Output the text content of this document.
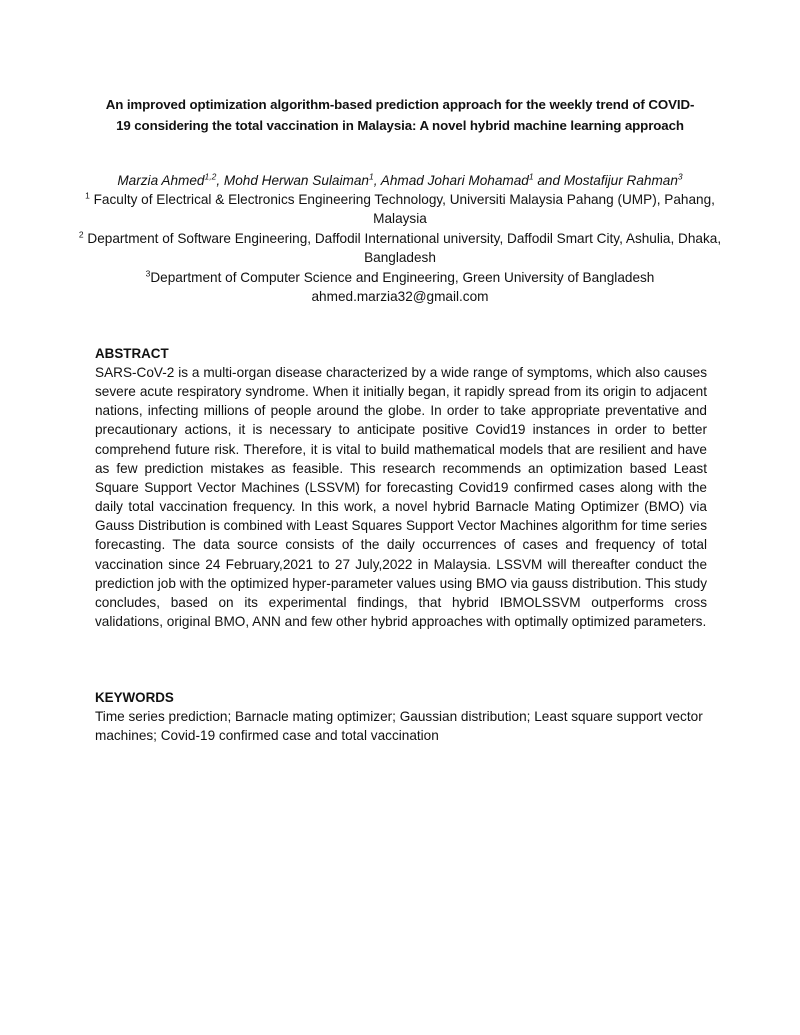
An improved optimization algorithm-based prediction approach for the weekly trend of COVID-19 considering the total vaccination in Malaysia: A novel hybrid machine learning approach
Marzia Ahmed$^{1,2}$, Mohd Herwan Sulaiman$^1$, Ahmad Johari Mohamad$^1$ and Mostafijur Rahman$^3$
$^1$ Faculty of Electrical & Electronics Engineering Technology, Universiti Malaysia Pahang (UMP), Pahang, Malaysia
$^2$ Department of Software Engineering, Daffodil International university, Daffodil Smart City, Ashulia, Dhaka, Bangladesh
$^3$Department of Computer Science and Engineering, Green University of Bangladesh
ahmed.marzia32@gmail.com
ABSTRACT
SARS-CoV-2 is a multi-organ disease characterized by a wide range of symptoms, which also causes severe acute respiratory syndrome. When it initially began, it rapidly spread from its origin to adjacent nations, infecting millions of people around the globe. In order to take appropriate preventative and precautionary actions, it is necessary to anticipate positive Covid19 instances in order to better comprehend future risk. Therefore, it is vital to build mathematical models that are resilient and have as few prediction mistakes as feasible. This research recommends an optimization based Least Square Support Vector Machines (LSSVM) for forecasting Covid19 confirmed cases along with the daily total vaccination frequency. In this work, a novel hybrid Barnacle Mating Optimizer (BMO) via Gauss Distribution is combined with Least Squares Support Vector Machines algorithm for time series forecasting. The data source consists of the daily occurrences of cases and frequency of total vaccination since 24 February,2021 to 27 July,2022 in Malaysia. LSSVM will thereafter conduct the prediction job with the optimized hyper-parameter values using BMO via gauss distribution. This study concludes, based on its experimental findings, that hybrid IBMOLSSVM outperforms cross validations, original BMO, ANN and few other hybrid approaches with optimally optimized parameters.
KEYWORDS
Time series prediction; Barnacle mating optimizer; Gaussian distribution; Least square support vector machines; Covid-19 confirmed case and total vaccination
